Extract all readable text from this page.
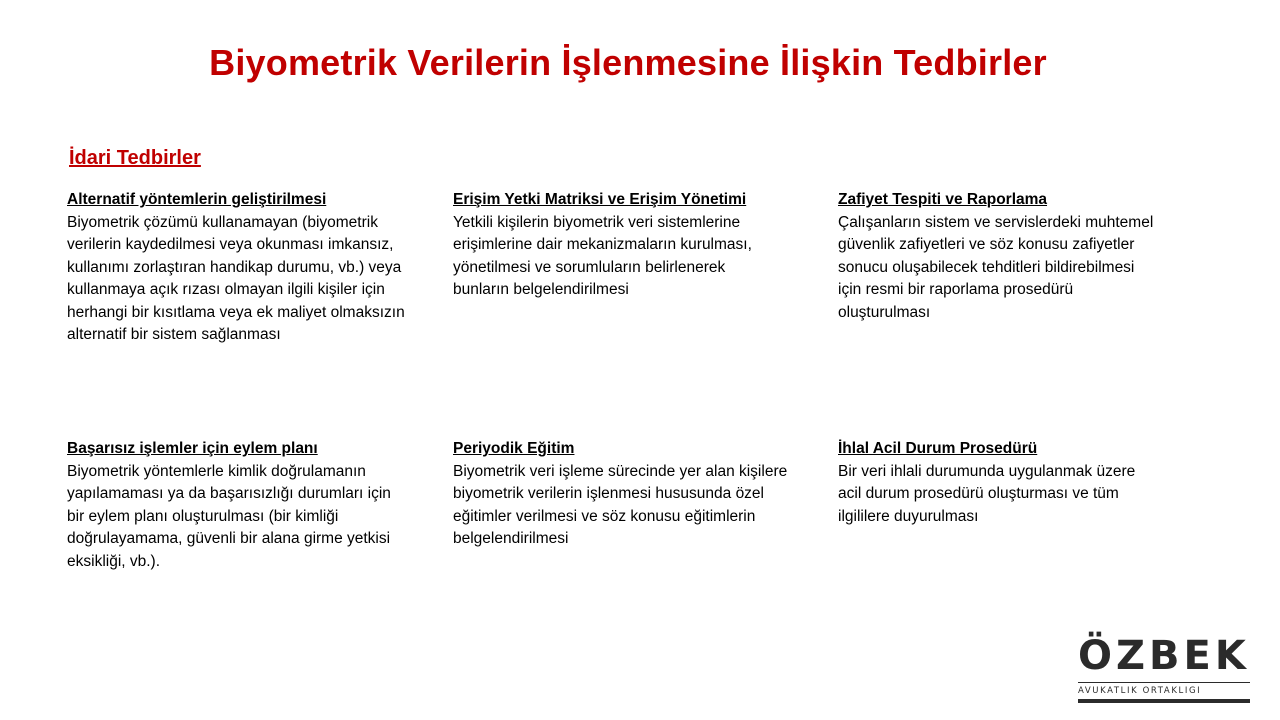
Biyometrik Verilerin İşlenmesine İlişkin Tedbirler
İdari Tedbirler
Alternatif yöntemlerin geliştirilmesi
Biyometrik çözümü kullanamayan (biyometrik
verilerin kaydedilmesi veya okunması imkansız,
kullanımı zorlaştıran handikap durumu, vb.) veya
kullanmaya açık rızası olmayan ilgili kişiler için
herhangi bir kısıtlama veya ek maliyet olmaksızın
alternatif bir sistem sağlanması
Erişim Yetki Matriksi ve Erişim Yönetimi
Yetkili kişilerin biyometrik veri sistemlerine
erişimlerine dair mekanizmaların kurulması,
yönetilmesi ve sorumluların belirlenerek
bunların belgelendirilmesi
Zafiyet Tespiti ve Raporlama
Çalışanların sistem ve servislerdeki muhtemel
güvenlik zafiyetleri ve söz konusu zafiyetler
sonucu oluşabilecek tehditleri bildirebilmesi
için resmi bir raporlama prosedürü
oluşturulması
Başarısız işlemler için eylem planı
Biyometrik yöntemlerle kimlik doğrulamanın
yapılamaması ya da başarısızlığı durumları için
bir eylem planı oluşturulması (bir kimliği
doğrulayamama, güvenli bir alana girme yetkisi
eksikliği, vb.).
Periyodik Eğitim
Biyometrik veri işleme sürecinde yer alan kişilere
biyometrik verilerin işlenmesi hususunda özel
eğitimler verilmesi ve söz konusu eğitimlerin
belgelendirilmesi
İhlal Acil Durum Prosedürü
Bir veri ihlali durumunda uygulanmak üzere
acil durum prosedürü oluşturması ve tüm
ilgililere duyurulması
ÖZBEK
AVUKATLIK ORTAKLIGI
